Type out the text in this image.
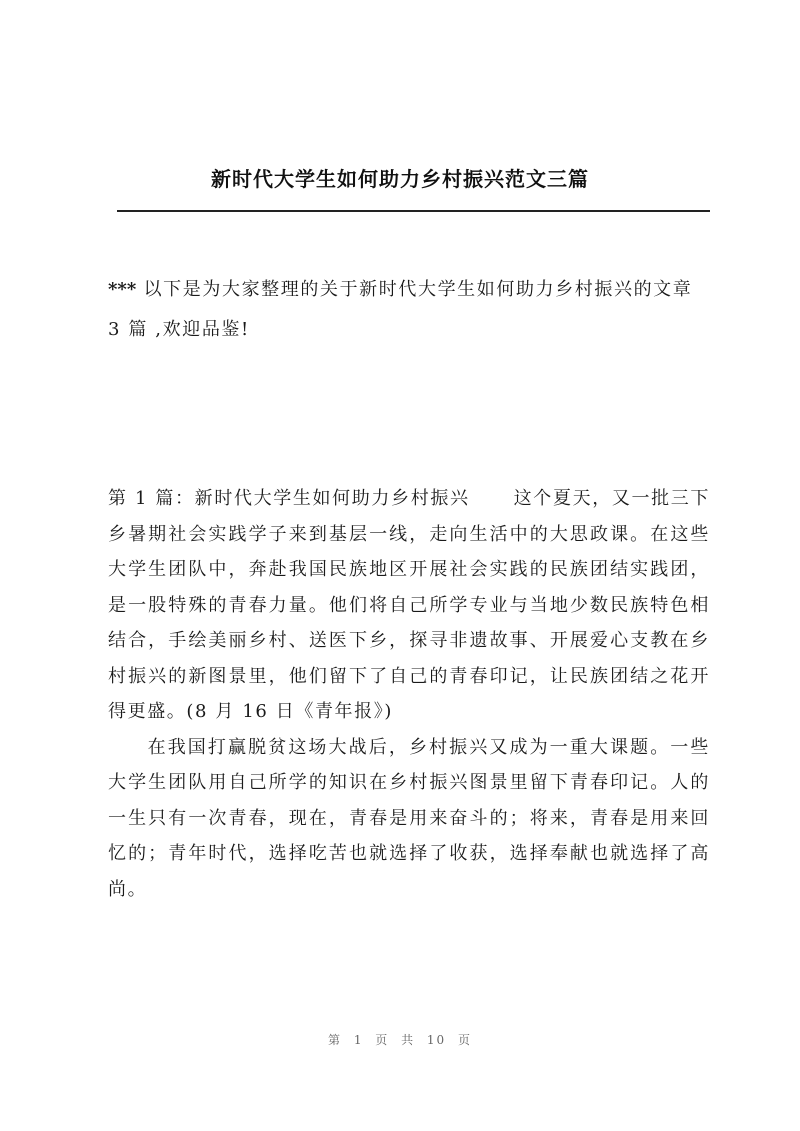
新时代大学生如何助力乡村振兴范文三篇
*** 以下是为大家整理的关于新时代大学生如何助力乡村振兴的文章 3 篇 ,欢迎品鉴!

第 1 篇：新时代大学生如何助力乡村振兴 这个夏天，又一批三下乡暑期社会实践学子来到基层一线，走向生活中的大思政课。在这些大学生团队中，奔赴我国民族地区开展社会实践的民族团结实践团，是一股特殊的青春力量。他们将自己所学专业与当地少数民族特色相结合，手绘美丽乡村、送医下乡，探寻非遗故事、开展爱心支教在乡村振兴的新图景里，他们留下了自己的青春印记，让民族团结之花开得更盛。(8 月 16 日《青年报》)

在我国打赢脱贫这场大战后，乡村振兴又成为一重大课题。一些大学生团队用自己所学的知识在乡村振兴图景里留下青春印记。人的一生只有一次青春，现在，青春是用来奋斗的；将来，青春是用来回忆的；青年时代，选择吃苦也就选择了收获，选择奉献也就选择了高尚。

第 1 页 共 10 页
